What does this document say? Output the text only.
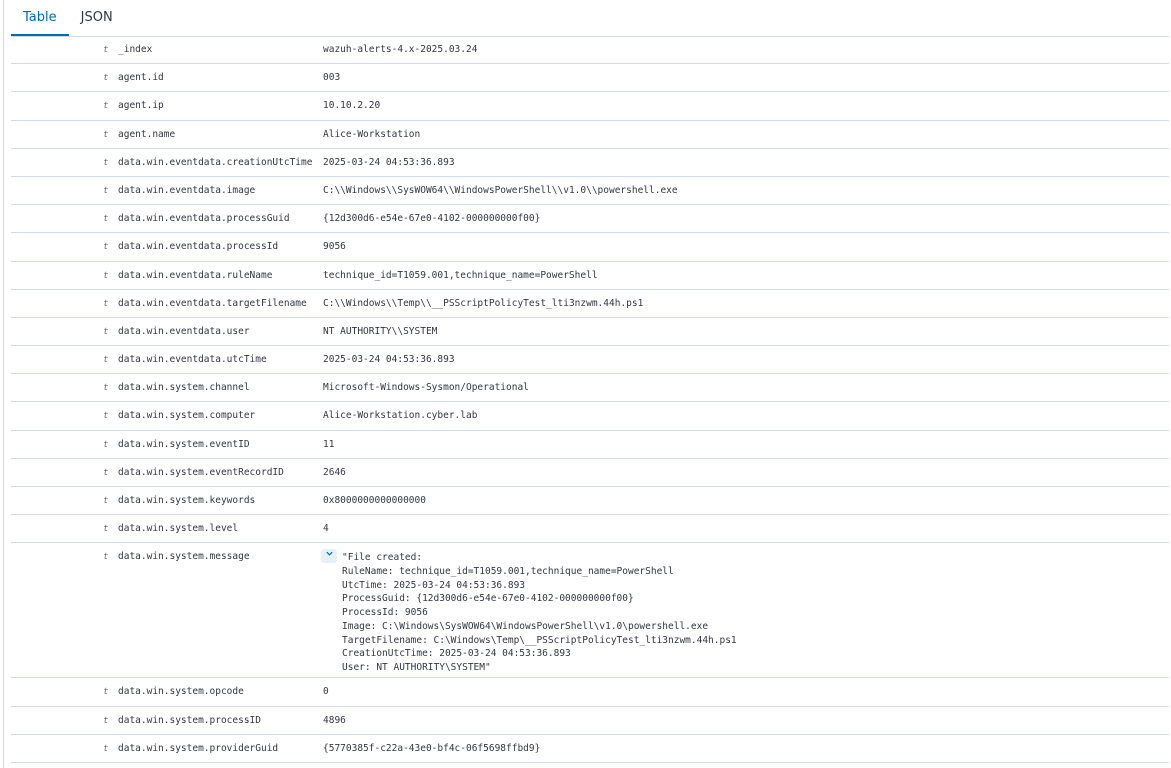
Table	JSON
t _index	wazuh-alerts-4.x-2025.03.24
t agent.id	003
t agent.ip	10.10.2.20
t agent.name	Alice-Workstation
t data.win.eventdata.creationUtcTime 2025-03-24 04:53:36.893
t data.win.eventdata.image	C:\\Windows\\SysWOW64\\WindowsPowerShell\\v1.0\\powershell.exe
t data.win.eventdata.processGuid	{12d300d6-e54e-67e0-4102-000000000f00}
t data.win.eventdata.processId	9056
t data.win.eventdata.ruleName	technique_id=T1059.001,technique_name=PowerShell
t data.win.eventdata.targetFilename C:\\Windows\\Temp\\__PSScriptPolicyTest_lti3nzwm.44h.ps1
t data.win.eventdata.user	NT AUTHORITY\\SYSTEM
t data.win.eventdata.utcTime	2025-03-24 04:53:36.893
t data.win.system.channel	Microsoft-Windows-Sysmon/Operational
t data.win.system.computer	Alice-Workstation.cyber.lab
t data.win.system.eventID	11
t data.win.system.eventRecordID	2646
t data.win.system.keywords	0x8000000000000000
t data.win.system.level	4
t data.win.system.message	"File created:
RuleName: technique_id=T1059.001,technique_name=PowerShell
UtcTime: 2025-03-24 04:53:36.893
ProcessGuid: {12d300d6-e54e-67e0-4102-000000000f00}
ProcessId: 9056
Image: C:\Windows\SysWOW64\WindowsPowerShell\v1.0\powershell.exe
TargetFilename: C:\Windows\Temp\__PSScriptPolicyTest_lti3nzwm.44h.ps1
CreationUtcTime: 2025-03-24 04:53:36.893
User: NT AUTHORITY\SYSTEM"
t data.win.system.opcode	0
t data.win.system.processID	4896
t data.win.system.providerGuid	{5770385f-c22a-43e0-bf4c-06f5698ffbd9}
